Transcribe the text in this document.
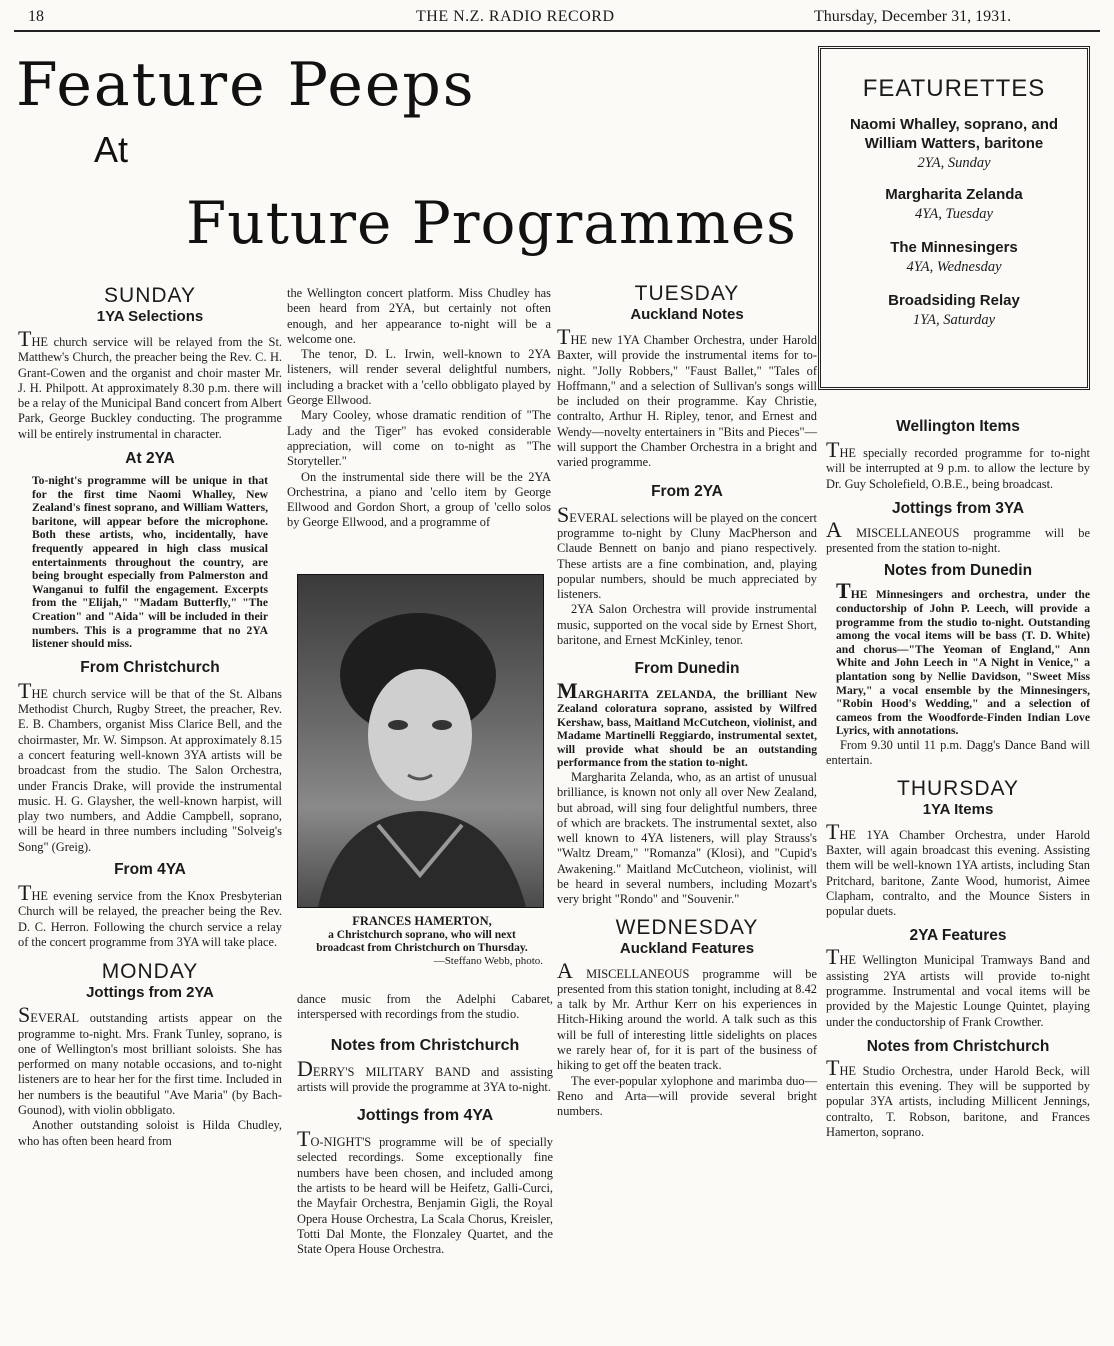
18	THE N.Z. RADIO RECORD	Thursday, December 31, 1931.
Feature Peeps
At
Future Programmes
FEATURETTES
Naomi Whalley, soprano, and William Watters, baritone
2YA, Sunday
Margharita Zelanda
4YA, Tuesday
The Minnesingers
4YA, Wednesday
Broadsiding Relay
1YA, Saturday
SUNDAY
1YA Selections

THE church service will be relayed from the St. Matthew's Church, the preacher being the Rev. C. H. Grant-Cowen and the organist and choir master Mr. J. H. Philpott. At approximately 8.30 p.m. there will be a relay of the Municipal Band concert from Albert Park, George Buckley conducting. The programme will be entirely instrumental in character.

At 2YA

To-night's programme will be unique in that for the first time Naomi Whalley, New Zealand's finest soprano, and William Watters, baritone, will appear before the microphone. Both these artists, who, incidentally, have frequently appeared in high class musical entertainments throughout the country, are being brought especially from Palmerston and Wanganui to fulfil the engagement. Excerpts from the "Elijah," "Madam Butterfly," "The Creation" and "Aida" will be included in their numbers. This is a programme that no 2YA listener should miss.

From Christchurch

THE church service will be that of the St. Albans Methodist Church, Rugby Street, the preacher, Rev. E. B. Chambers, organist Miss Clarice Bell, and the choirmaster, Mr. W. Simpson. At approximately 8.15 a concert featuring well-known 3YA artists will be broadcast from the studio. The Salon Orchestra, under Francis Drake, will provide the instrumental music. H. G. Glaysher, the well-known harpist, will play two numbers, and Addie Campbell, soprano, will be heard in three numbers including "Solveig's Song" (Greig).

From 4YA

THE evening service from the Knox Presbyterian Church will be relayed, the preacher being the Rev. D. C. Herron. Following the church service a relay of the concert programme from 3YA will take place.

MONDAY
Jottings from 2YA

SEVERAL outstanding artists appear on the programme to-night. Mrs. Frank Tunley, soprano, is one of Wellington's most brilliant soloists. She has performed on many notable occasions, and to-night listeners are to hear her for the first time. Included in her numbers is the beautiful "Ave Maria" (by Bach-Gounod), with violin obbligato.

Another outstanding soloist is Hilda Chudley, who has often been heard from

the Wellington concert platform. Miss Chudley has been heard from 2YA, but certainly not often enough, and her appearance to-night will be a welcome one.

The tenor, D. L. Irwin, well-known to 2YA listeners, will render several delightful numbers, including a bracket with a 'cello obbligato played by George Ellwood.

Mary Cooley, whose dramatic rendition of "The Lady and the Tiger" has evoked considerable appreciation, will come on to-night as "The Storyteller."

On the instrumental side there will be the 2YA Orchestrina, a piano and 'cello item by George Ellwood and Gordon Short, a group of 'cello solos by George Ellwood, and a programme of

FRANCES HAMERTON,
a Christchurch soprano, who will next broadcast from Christchurch on Thursday.
—Steffano Webb, photo.

dance music from the Adelphi Cabaret, interspersed with recordings from the studio.

Notes from Christchurch

DERRY'S MILITARY BAND and assisting artists will provide the programme at 3YA to-night.

Jottings from 4YA

TO-NIGHT'S programme will be of specially selected recordings. Some exceptionally fine numbers have been chosen, and included among the artists to be heard will be Heifetz, Galli-Curci, the Mayfair Orchestra, Benjamin Gigli, the Royal Opera House Orchestra, La Scala Chorus, Kreisler, Totti Dal Monte, the Flonzaley Quartet, and the State Opera House Orchestra.

TUESDAY
Auckland Notes

THE new 1YA Chamber Orchestra, under Harold Baxter, will provide the instrumental items for to-night. "Jolly Robbers," "Faust Ballet," "Tales of Hoffmann," and a selection of Sullivan's songs will be included on their programme. Kay Christie, contralto, Arthur H. Ripley, tenor, and Ernest and Wendy—novelty entertainers in "Bits and Pieces"—will support the Chamber Orchestra in a bright and varied programme.

From 2YA

SEVERAL selections will be played on the concert programme to-night by Cluny MacPherson and Claude Bennett on banjo and piano respectively. These artists are a fine combination, and, playing popular numbers, should be much appreciated by listeners.

2YA Salon Orchestra will provide instrumental music, supported on the vocal side by Ernest Short, baritone, and Ernest McKinley, tenor.

From Dunedin

MARGHARITA ZELANDA, the brilliant New Zealand coloratura soprano, assisted by Wilfred Kershaw, bass, Maitland McCutcheon, violinist, and Madame Martinelli Reggiardo, instrumental sextet, will provide what should be an outstanding performance from the station to-night.

Margharita Zelanda, who, as an artist of unusual brilliance, is known not only all over New Zealand, but abroad, will sing four delightful numbers, three of which are brackets. The instrumental sextet, also well known to 4YA listeners, will play Strauss's "Waltz Dream," "Romanza" (Klosi), and "Cupid's Awakening." Maitland McCutcheon, violinist, will be heard in several numbers, including Mozart's very bright "Rondo" and "Souvenir."

WEDNESDAY
Auckland Features

A MISCELLANEOUS programme will be presented from this station tonight, including at 8.42 a talk by Mr. Arthur Kerr on his experiences in Hitch-Hiking around the world. A talk such as this will be full of interesting little sidelights on places we rarely hear of, for it is part of the business of hiking to get off the beaten track.

The ever-popular xylophone and marimba duo—Reno and Arta—will provide several bright numbers.

Wellington Items

THE specially recorded programme for to-night will be interrupted at 9 p.m. to allow the lecture by Dr. Guy Scholefield, O.B.E., being broadcast.

Jottings from 3YA

A MISCELLANEOUS programme will be presented from the station to-night.

Notes from Dunedin

THE Minnesingers and orchestra, under the conductorship of John P. Leech, will provide a programme from the studio to-night. Outstanding among the vocal items will be bass (T. D. White) and chorus—"The Yeoman of England," Ann White and John Leech in "A Night in Venice," a plantation song by Nellie Davidson, "Sweet Miss Mary," a vocal ensemble by the Minnesingers, "Robin Hood's Wedding," and a selection of cameos from the Woodforde-Finden Indian Love Lyrics, with annotations.

From 9.30 until 11 p.m. Dagg's Dance Band will entertain.

THURSDAY
1YA Items

THE 1YA Chamber Orchestra, under Harold Baxter, will again broadcast this evening. Assisting them will be well-known 1YA artists, including Stan Pritchard, baritone, Zante Wood, humorist, Aimee Clapham, contralto, and the Mounce Sisters in popular duets.

2YA Features

THE Wellington Municipal Tramways Band and assisting 2YA artists will provide to-night programme. Instrumental and vocal items will be provided by the Majestic Lounge Quintet, playing under the conductorship of Frank Crowther.

Notes from Christchurch

THE Studio Orchestra, under Harold Beck, will entertain this evening. They will be supported by popular 3YA artists, including Millicent Jennings, contralto, T. Robson, baritone, and Frances Hamerton, soprano.
